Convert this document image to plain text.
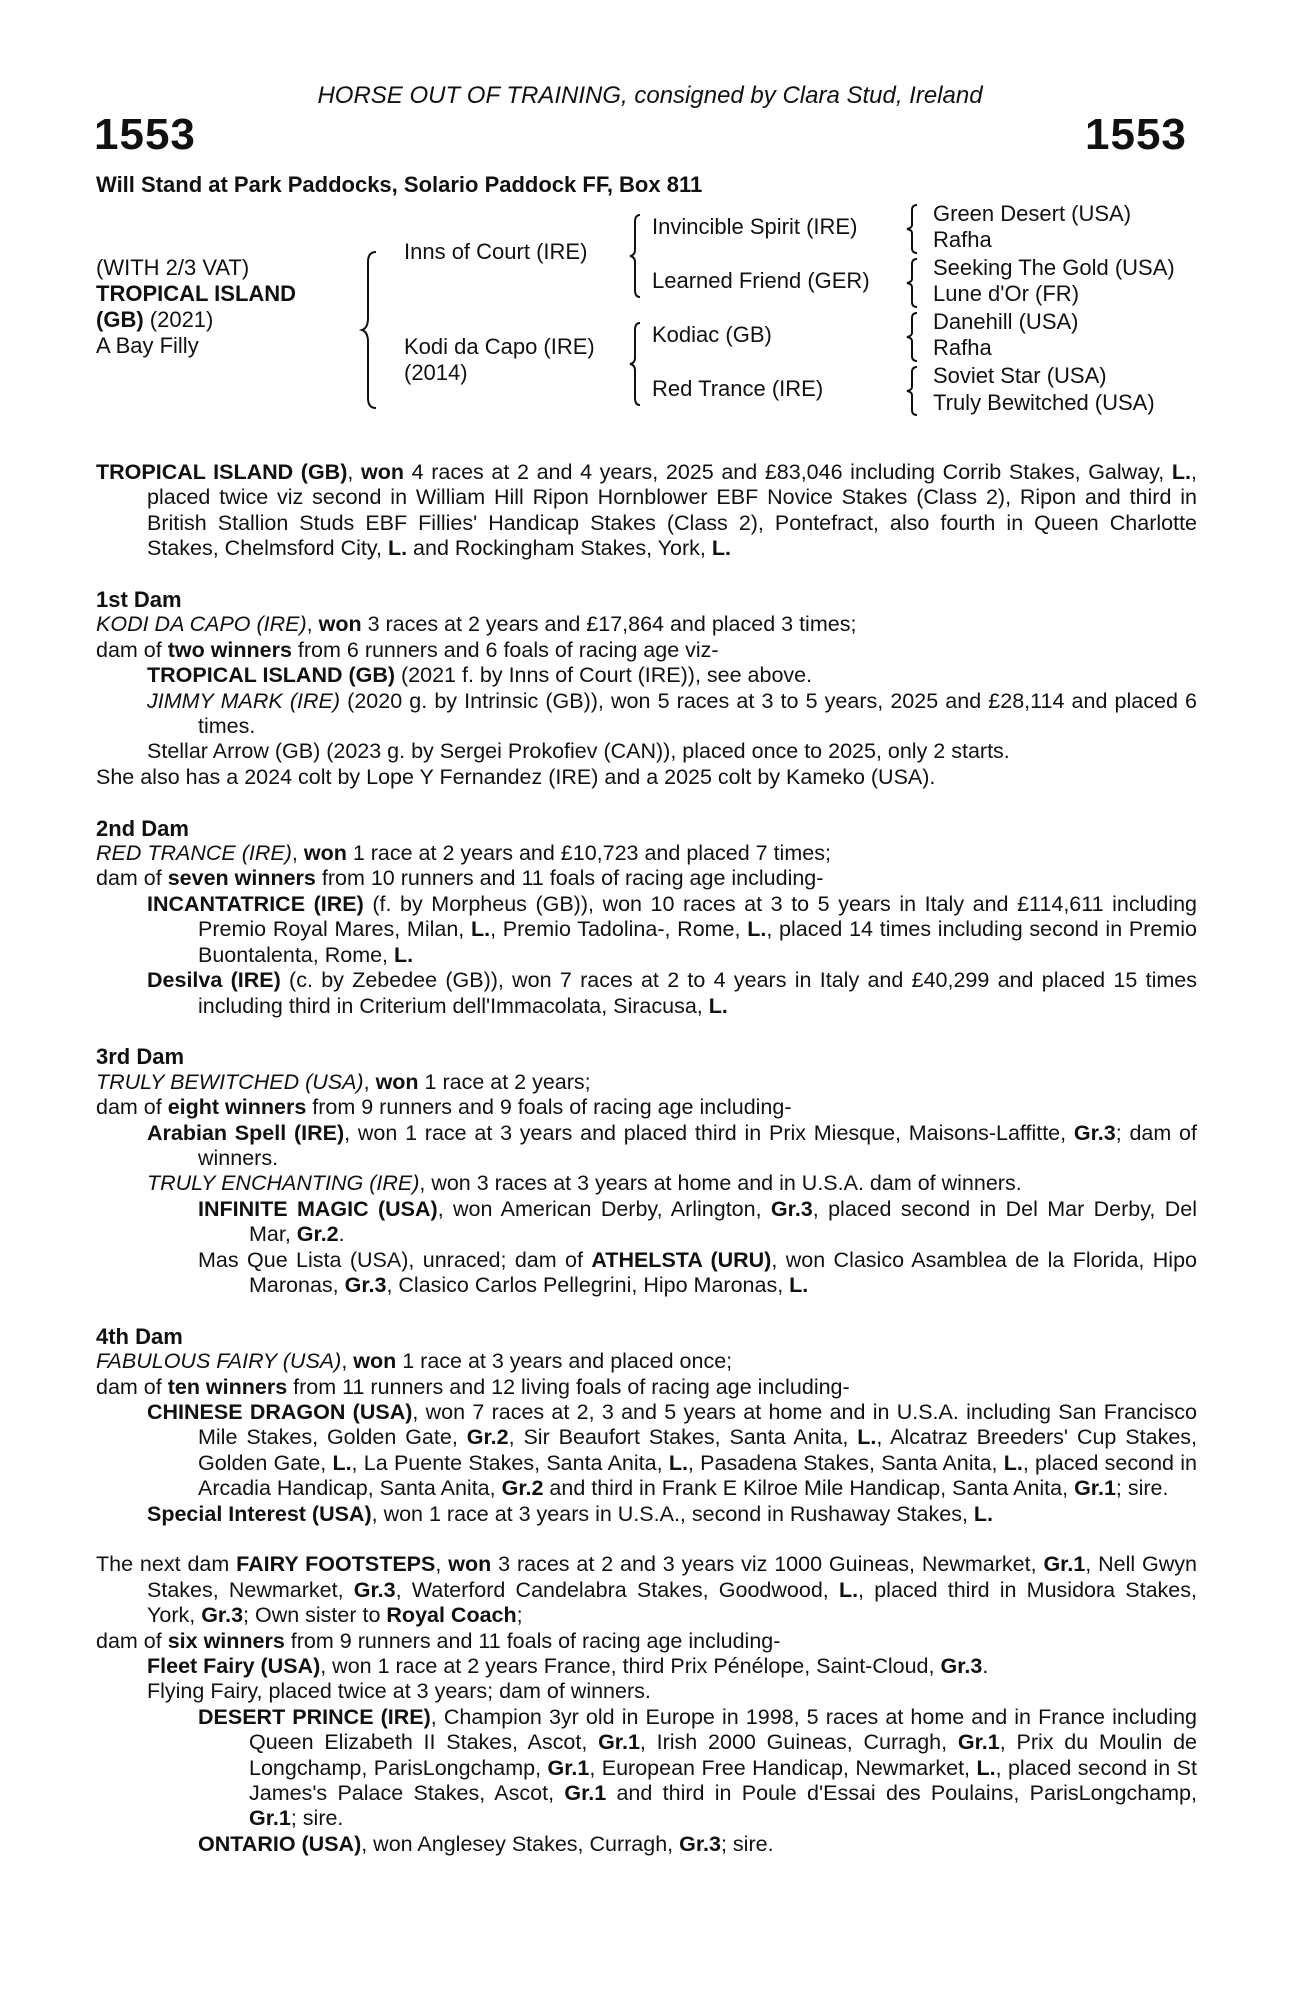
HORSE OUT OF TRAINING, consigned by Clara Stud, Ireland
1553	1553
Will Stand at Park Paddocks, Solario Paddock FF, Box 811
(WITH 2/3 VAT)
TROPICAL ISLAND
(GB) (2021)
A Bay Filly
Inns of Court (IRE)
Kodi da Capo (IRE)
(2014)
Invincible Spirit (IRE)
Learned Friend (GER)
Kodiac (GB)
Red Trance (IRE)
Green Desert (USA)
Rafha
Seeking The Gold (USA)
Lune d'Or (FR)
Danehill (USA)
Rafha
Soviet Star (USA)
Truly Bewitched (USA)
TROPICAL ISLAND (GB), won 4 races at 2 and 4 years, 2025 and £83,046 including Corrib Stakes, Galway, L., placed twice viz second in William Hill Ripon Hornblower EBF Novice Stakes (Class 2), Ripon and third in British Stallion Studs EBF Fillies' Handicap Stakes (Class 2), Pontefract, also fourth in Queen Charlotte Stakes, Chelmsford City, L. and Rockingham Stakes, York, L.
1st Dam
KODI DA CAPO (IRE), won 3 races at 2 years and £17,864 and placed 3 times;
dam of two winners from 6 runners and 6 foals of racing age viz-
TROPICAL ISLAND (GB) (2021 f. by Inns of Court (IRE)), see above.
JIMMY MARK (IRE) (2020 g. by Intrinsic (GB)), won 5 races at 3 to 5 years, 2025 and £28,114 and placed 6 times.
Stellar Arrow (GB) (2023 g. by Sergei Prokofiev (CAN)), placed once to 2025, only 2 starts.
She also has a 2024 colt by Lope Y Fernandez (IRE) and a 2025 colt by Kameko (USA).
2nd Dam
RED TRANCE (IRE), won 1 race at 2 years and £10,723 and placed 7 times;
dam of seven winners from 10 runners and 11 foals of racing age including-
INCANTATRICE (IRE) (f. by Morpheus (GB)), won 10 races at 3 to 5 years in Italy and £114,611 including Premio Royal Mares, Milan, L., Premio Tadolina-, Rome, L., placed 14 times including second in Premio Buontalenta, Rome, L.
Desilva (IRE) (c. by Zebedee (GB)), won 7 races at 2 to 4 years in Italy and £40,299 and placed 15 times including third in Criterium dell'Immacolata, Siracusa, L.
3rd Dam
TRULY BEWITCHED (USA), won 1 race at 2 years;
dam of eight winners from 9 runners and 9 foals of racing age including-
Arabian Spell (IRE), won 1 race at 3 years and placed third in Prix Miesque, Maisons-Laffitte, Gr.3; dam of winners.
TRULY ENCHANTING (IRE), won 3 races at 3 years at home and in U.S.A. dam of winners.
INFINITE MAGIC (USA), won American Derby, Arlington, Gr.3, placed second in Del Mar Derby, Del Mar, Gr.2.
Mas Que Lista (USA), unraced; dam of ATHELSTA (URU), won Clasico Asamblea de la Florida, Hipo Maronas, Gr.3, Clasico Carlos Pellegrini, Hipo Maronas, L.
4th Dam
FABULOUS FAIRY (USA), won 1 race at 3 years and placed once;
dam of ten winners from 11 runners and 12 living foals of racing age including-
CHINESE DRAGON (USA), won 7 races at 2, 3 and 5 years at home and in U.S.A. including San Francisco Mile Stakes, Golden Gate, Gr.2, Sir Beaufort Stakes, Santa Anita, L., Alcatraz Breeders' Cup Stakes, Golden Gate, L., La Puente Stakes, Santa Anita, L., Pasadena Stakes, Santa Anita, L., placed second in Arcadia Handicap, Santa Anita, Gr.2 and third in Frank E Kilroe Mile Handicap, Santa Anita, Gr.1; sire.
Special Interest (USA), won 1 race at 3 years in U.S.A., second in Rushaway Stakes, L.
The next dam FAIRY FOOTSTEPS, won 3 races at 2 and 3 years viz 1000 Guineas, Newmarket, Gr.1, Nell Gwyn Stakes, Newmarket, Gr.3, Waterford Candelabra Stakes, Goodwood, L., placed third in Musidora Stakes, York, Gr.3; Own sister to Royal Coach;
dam of six winners from 9 runners and 11 foals of racing age including-
Fleet Fairy (USA), won 1 race at 2 years France, third Prix Pénélope, Saint-Cloud, Gr.3.
Flying Fairy, placed twice at 3 years; dam of winners.
DESERT PRINCE (IRE), Champion 3yr old in Europe in 1998, 5 races at home and in France including Queen Elizabeth II Stakes, Ascot, Gr.1, Irish 2000 Guineas, Curragh, Gr.1, Prix du Moulin de Longchamp, ParisLongchamp, Gr.1, European Free Handicap, Newmarket, L., placed second in St James's Palace Stakes, Ascot, Gr.1 and third in Poule d'Essai des Poulains, ParisLongchamp, Gr.1; sire.
ONTARIO (USA), won Anglesey Stakes, Curragh, Gr.3; sire.
